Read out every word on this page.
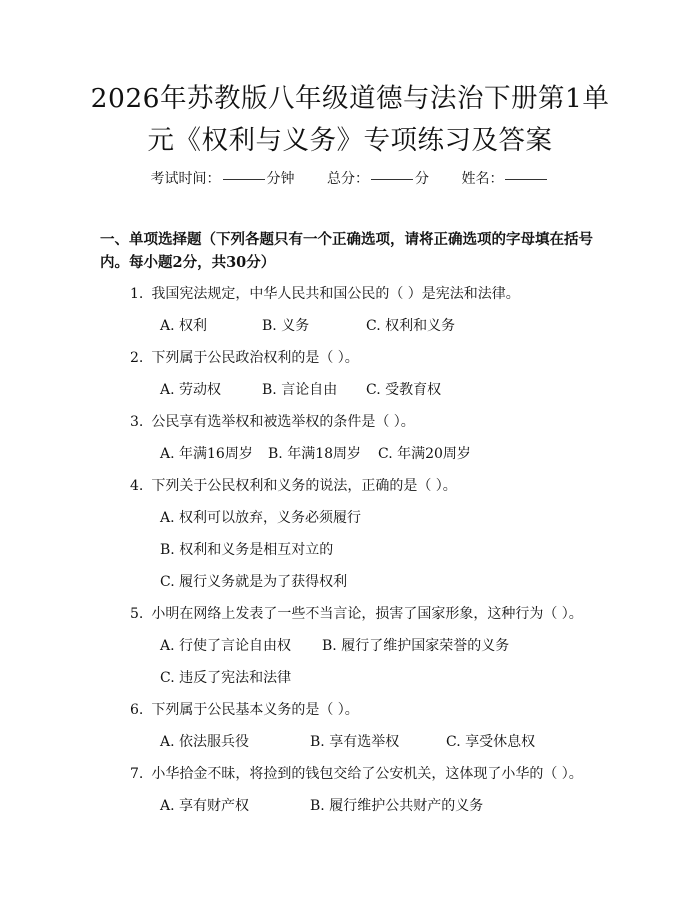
2026年苏教版八年级道德与法治下册第1单
元《权利与义务》专项练习及答案
考试时间：	分钟 总分：	分 姓名：
一、单项选择题（下列各题只有一个正确选项，请将正确选项的字母填在括号内。每小题2分，共30分）
1. 我国宪法规定，中华人民共和国公民的（ ）是宪法和法律。
A. 权利	B. 义务	C. 权利和义务
2. 下列属于公民政治权利的是（ ）。
A. 劳动权	B. 言论自由 C. 受教育权
3. 公民享有选举权和被选举权的条件是（ ）。
A. 年满16周岁 B. 年满18周岁 C. 年满20周岁
4. 下列关于公民权利和义务的说法，正确的是（ ）。
A. 权利可以放弃，义务必须履行
B. 权利和义务是相互对立的
C. 履行义务就是为了获得权利
5. 小明在网络上发表了一些不当言论，损害了国家形象，这种行为（ ）。
A. 行使了言论自由权 B. 履行了维护国家荣誉的义务
C. 违反了宪法和法律
6. 下列属于公民基本义务的是（ ）。
A. 依法服兵役	B. 享有选举权	C. 享受休息权
7. 小华拾金不昧，将捡到的钱包交给了公安机关，这体现了小华的（ ）。
A. 享有财产权	B. 履行维护公共财产的义务
